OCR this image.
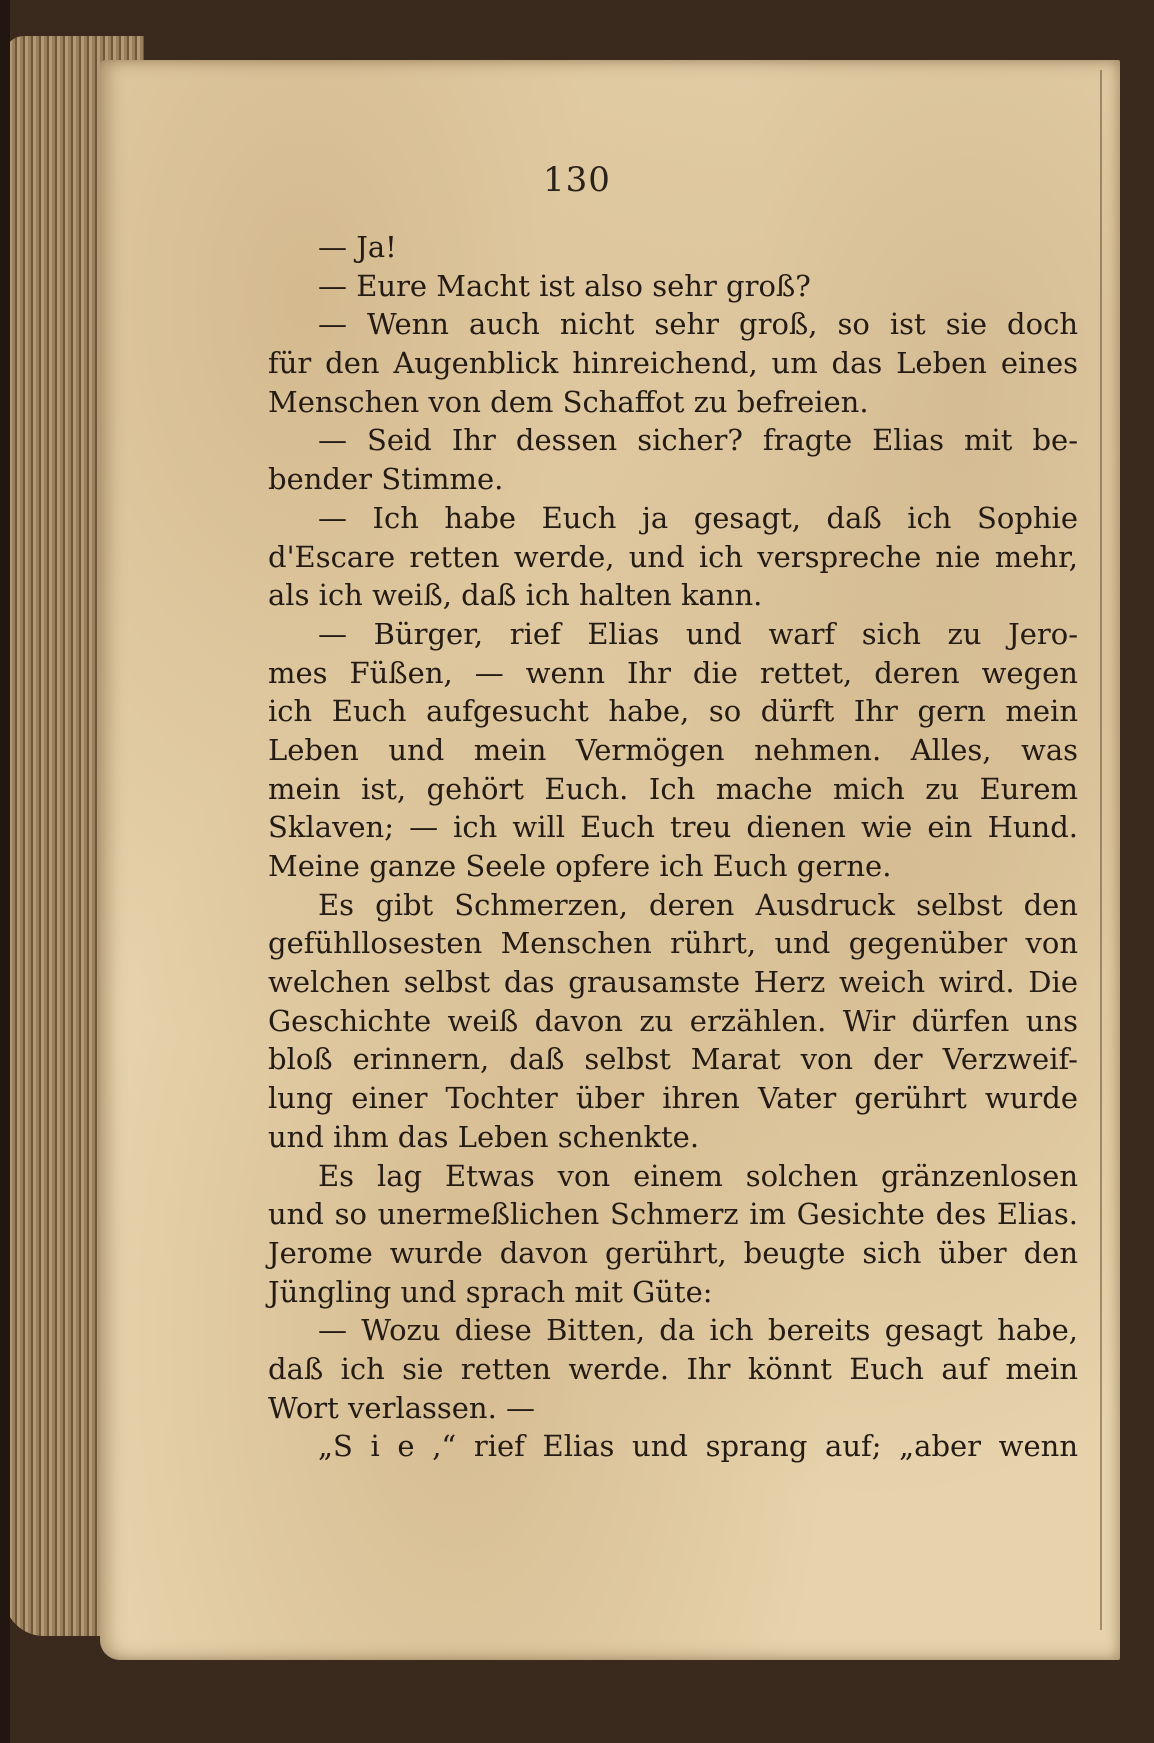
130
— Ja!
— Eure Macht ist also sehr groß?
— Wenn auch nicht sehr groß, so ist sie doch
für den Augenblick hinreichend, um das Leben eines
Menschen von dem Schaffot zu befreien.
— Seid Ihr dessen sicher? fragte Elias mit be-
bender Stimme.
— Ich habe Euch ja gesagt, daß ich Sophie
d'Escare retten werde, und ich verspreche nie mehr,
als ich weiß, daß ich halten kann.
— Bürger, rief Elias und warf sich zu Jero-
mes Füßen, — wenn Ihr die rettet, deren wegen
ich Euch aufgesucht habe, so dürft Ihr gern mein
Leben und mein Vermögen nehmen. Alles, was
mein ist, gehört Euch. Ich mache mich zu Eurem
Sklaven; — ich will Euch treu dienen wie ein Hund.
Meine ganze Seele opfere ich Euch gerne.
Es gibt Schmerzen, deren Ausdruck selbst den
gefühllosesten Menschen rührt, und gegenüber von
welchen selbst das grausamste Herz weich wird. Die
Geschichte weiß davon zu erzählen. Wir dürfen uns
bloß erinnern, daß selbst Marat von der Verzweif-
lung einer Tochter über ihren Vater gerührt wurde
und ihm das Leben schenkte.
Es lag Etwas von einem solchen gränzenlosen
und so unermeßlichen Schmerz im Gesichte des Elias.
Jerome wurde davon gerührt, beugte sich über den
Jüngling und sprach mit Güte:
— Wozu diese Bitten, da ich bereits gesagt habe,
daß ich sie retten werde. Ihr könnt Euch auf mein
Wort verlassen. —
„S i e ,“ rief Elias und sprang auf; „aber wenn
